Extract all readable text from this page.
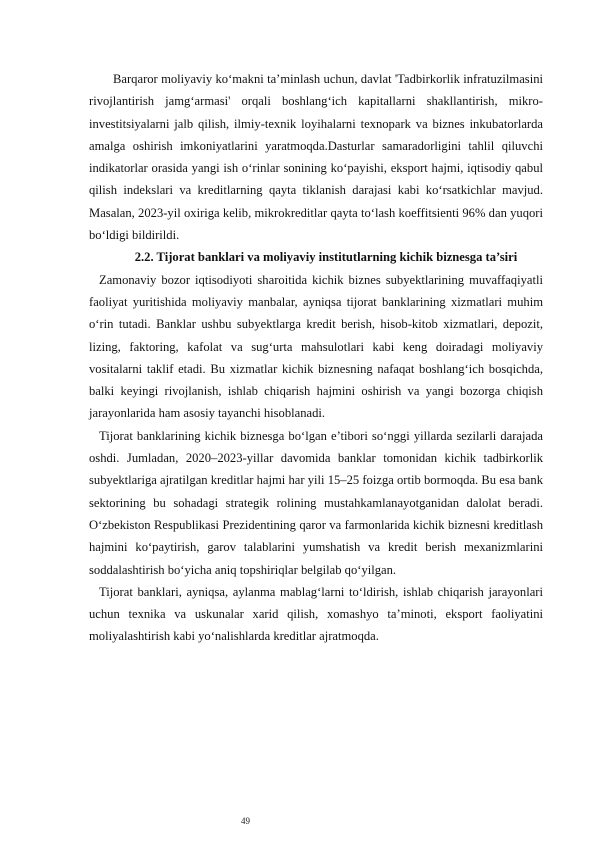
Barqaror moliyaviy ko‘makni ta’minlash uchun, davlat 'Tadbirkorlik infratuzilmasini rivojlantirish jamg‘armasi' orqali boshlang‘ich kapitallarni shakllantirish, mikro-investitsiyalarni jalb qilish, ilmiy-texnik loyihalarni texnopark va biznes inkubatorlarda amalga oshirish imkoniyatlarini yaratmoqda.Dasturlar samaradorligini tahlil qiluvchi indikatorlar orasida yangi ish o‘rinlar sonining ko‘payishi, eksport hajmi, iqtisodiy qabul qilish indekslari va kreditlarning qayta tiklanish darajasi kabi ko‘rsatkichlar mavjud. Masalan, 2023-yil oxiriga kelib, mikrokreditlar qayta to‘lash koeffitsienti 96% dan yuqori bo‘ldigi bildirildi.

2.2. Tijorat banklari va moliyaviy institutlarning kichik biznesga ta’siri

Zamonaviy bozor iqtisodiyoti sharoitida kichik biznes subyektlarining muvaffaqiyatli faoliyat yuritishida moliyaviy manbalar, ayniqsa tijorat banklarining xizmatlari muhim o‘rin tutadi. Banklar ushbu subyektlarga kredit berish, hisob-kitob xizmatlari, depozit, lizing, faktoring, kafolat va sug‘urta mahsulotlari kabi keng doiradagi moliyaviy vositalarni taklif etadi. Bu xizmatlar kichik biznesning nafaqat boshlang‘ich bosqichda, balki keyingi rivojlanish, ishlab chiqarish hajmini oshirish va yangi bozorga chiqish jarayonlarida ham asosiy tayanchi hisoblanadi.

Tijorat banklarining kichik biznesga bo‘lgan e’tibori so‘nggi yillarda sezilarli darajada oshdi. Jumladan, 2020–2023-yillar davomida banklar tomonidan kichik tadbirkorlik subyektlariga ajratilgan kreditlar hajmi har yili 15–25 foizga ortib bormoqda. Bu esa bank sektorining bu sohadagi strategik rolining mustahkamlanayotganidan dalolat beradi. O‘zbekiston Respublikasi Prezidentining qaror va farmonlarida kichik biznesni kreditlash hajmini ko‘paytirish, garov talablarini yumshatish va kredit berish mexanizmlarini soddalashtirish bo‘yicha aniq topshiriqlar belgilab qo‘yilgan.

Tijorat banklari, ayniqsa, aylanma mablag‘larni to‘ldirish, ishlab chiqarish jarayonlari uchun texnika va uskunalar xarid qilish, xomashyo ta’minoti, eksport faoliyatini moliyalashtirish kabi yo‘nalishlarda kreditlar ajratmoqda.

49
